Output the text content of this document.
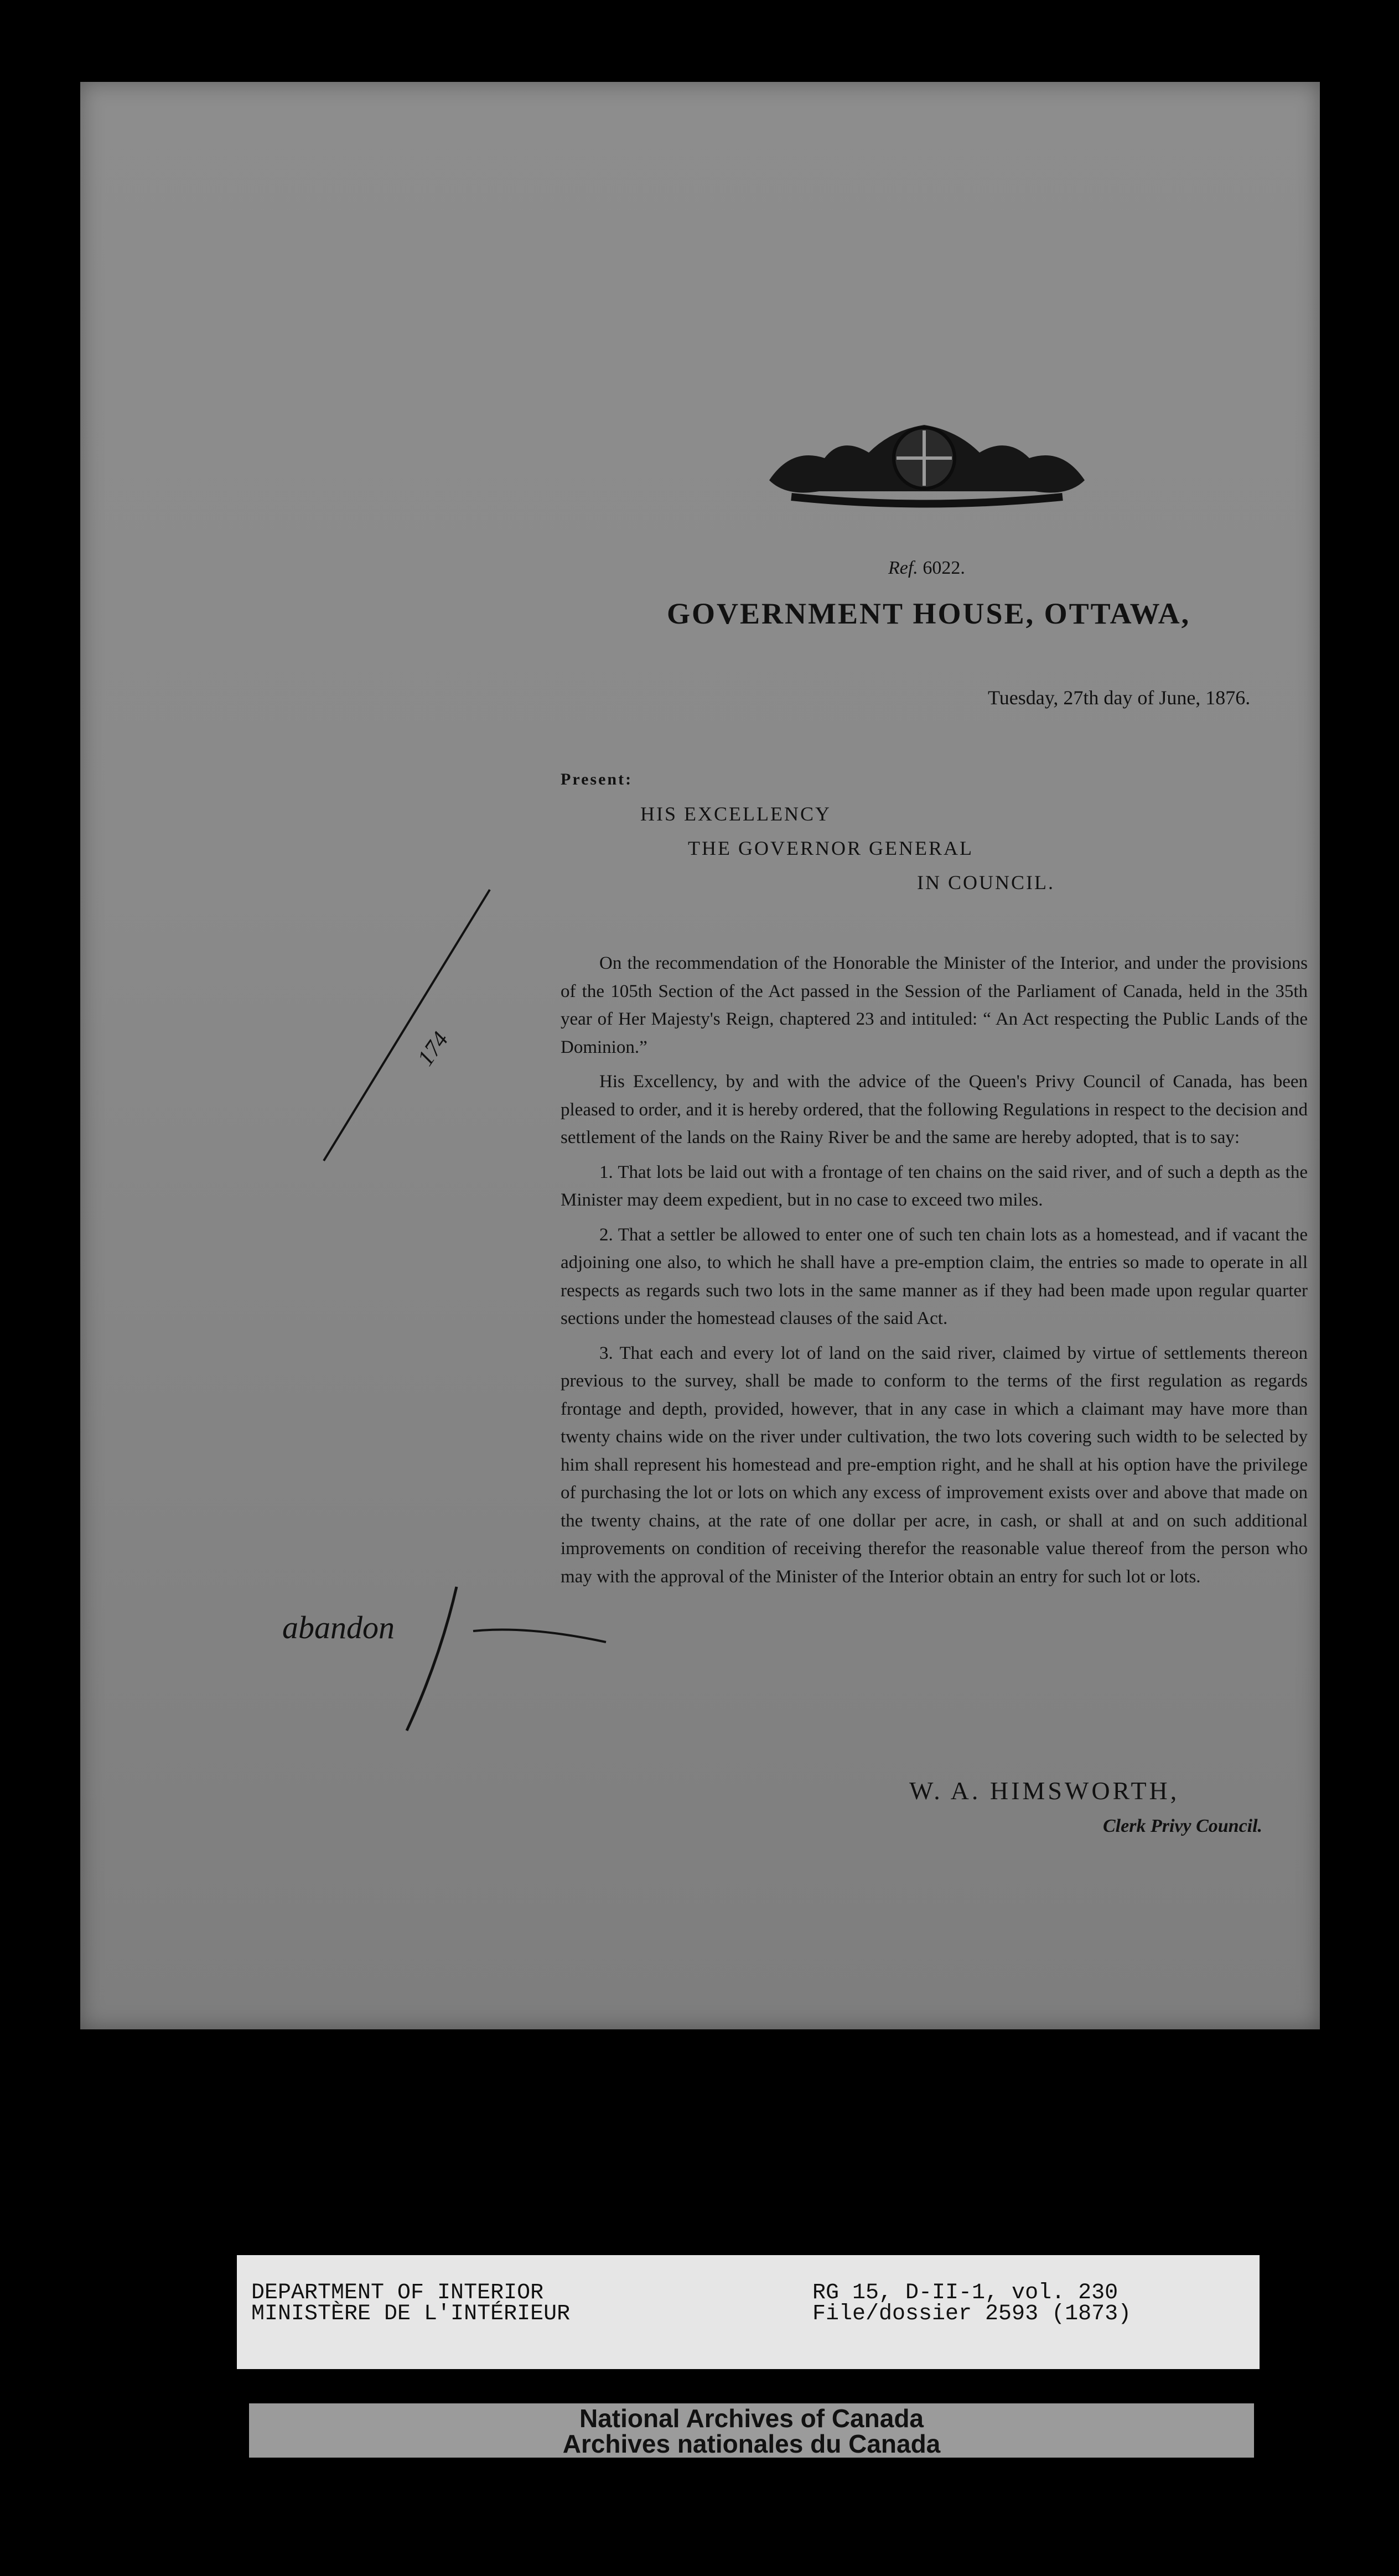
Ref. 6022.
GOVERNMENT HOUSE, OTTAWA,
Tuesday, 27th day of June, 1876.
Present:
HIS EXCELLENCY
THE GOVERNOR GENERAL
IN COUNCIL.
174

On the recommendation of the Honorable the Minister of the Interior, and under the provisions of the 105th Section of the Act passed in the Session of the Parliament of Canada, held in the 35th year of Her Majesty's Reign, chaptered 23 and intituled: “ An Act respecting the Public Lands of the Dominion.”

His Excellency, by and with the advice of the Queen's Privy Council of Canada, has been pleased to order, and it is hereby ordered, that the following Regulations in respect to the decision and settlement of the lands on the Rainy River be and the same are hereby adopted, that is to say:

1. That lots be laid out with a frontage of ten chains on the said river, and of such a depth as the Minister may deem expedient, but in no case to exceed two miles.

2. That a settler be allowed to enter one of such ten chain lots as a homestead, and if vacant the adjoining one also, to which he shall have a pre-emption claim, the entries so made to operate in all respects as regards such two lots in the same manner as if they had been made upon regular quarter sections under the homestead clauses of the said Act.

3. That each and every lot of land on the said river, claimed by virtue of settlements thereon previous to the survey, shall be made to conform to the terms of the first regulation as regards frontage and depth, provided, however, that in any case in which a claimant may have more than twenty chains wide on the river under cultivation, the two lots covering such width to be selected by him shall represent his homestead and pre-emption right, and he shall at his option have the privilege of purchasing the lot or lots on which any excess of improvement exists over and above that made on the twenty chains, at the rate of one dollar per acre, in cash, or shall at and on such additional improvements on condition of receiving therefor the reasonable value thereof from the person who may with the approval of the Minister of the Interior obtain an entry for such lot or lots.

abandon
W. A. HIMSWORTH,
Clerk Privy Council.
DEPARTMENT OF INTERIOR
MINISTÈRE DE L'INTÉRIEUR
RG 15, D-II-1, vol. 230
File/dossier 2593 (1873)
National Archives of Canada
Archives nationales du Canada
